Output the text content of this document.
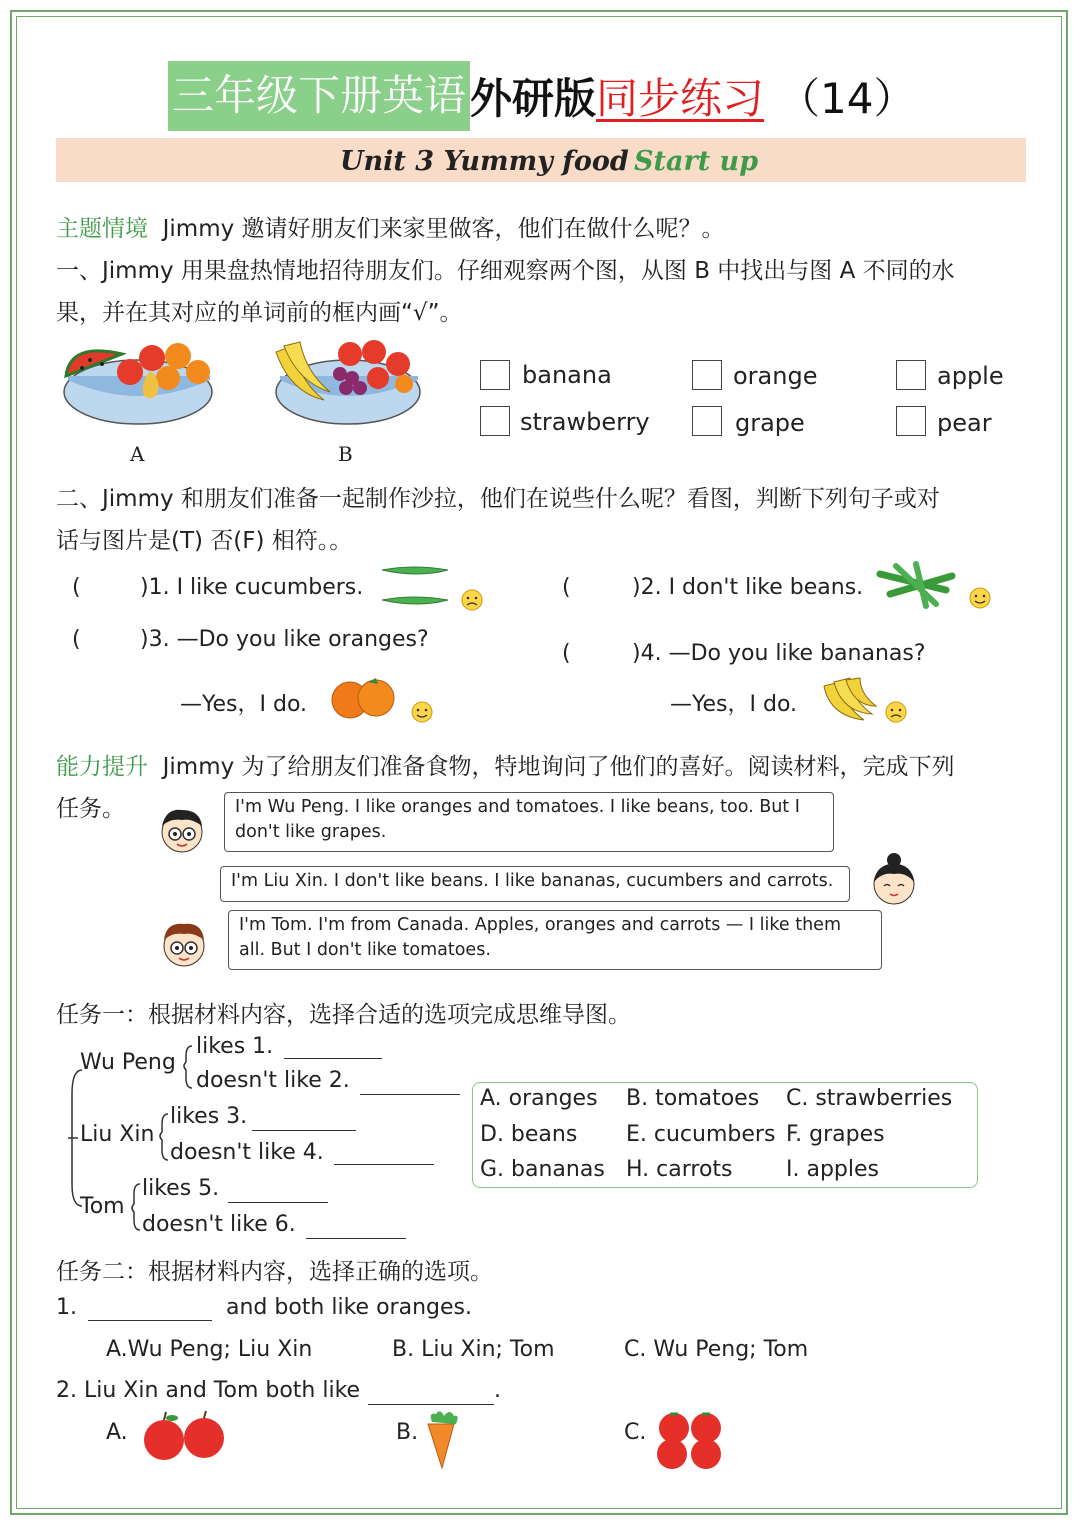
三年级下册英语 外研版 同步练习 （14）
Unit 3 Yummy food Start up
主题情境 Jimmy 邀请好朋友们来家里做客，他们在做什么呢？。
一、Jimmy 用果盘热情地招待朋友们。仔细观察两个图，从图 B 中找出与图 A 不同的水
果，并在其对应的单词前的框内画“√”。
A	B
banana	orange	apple
strawberry	grape	pear
二、Jimmy 和朋友们准备一起制作沙拉，他们在说些什么呢？看图，判断下列句子或对
话与图片是(T) 否(F) 相符。。
(	)1. I like cucumbers.	(	)2. I don't like beans.
(	)3. —Do you like oranges?
—Yes，I do.
(	)4. —Do you like bananas?
—Yes，I do.
能力提升 Jimmy 为了给朋友们准备食物，特地询问了他们的喜好。阅读材料，完成下列
任务。	I'm Wu Peng. I like oranges and tomatoes. I like beans, too. But I
don't like grapes.
I'm Liu Xin. I don't like beans. I like bananas, cucumbers and carrots.
I'm Tom. I'm from Canada. Apples, oranges and carrots — I like them
all. But I don't like tomatoes.
任务一：根据材料内容，选择合适的选项完成思维导图。
Wu Peng
likes 1.
doesn't like 2.
Liu Xin
likes 3.
doesn't like 4.
Tom
likes 5.
doesn't like 6.
A. oranges B. tomatoes C. strawberries
D. beans E. cucumbers F. grapes
G. bananas H. carrots I. apples
任务二：根据材料内容，选择正确的选项。
1.	and both like oranges.
A.Wu Peng; Liu Xin	B. Liu Xin; Tom	C. Wu Peng; Tom
2. Liu Xin and Tom both like	.
A.	B.	C.
